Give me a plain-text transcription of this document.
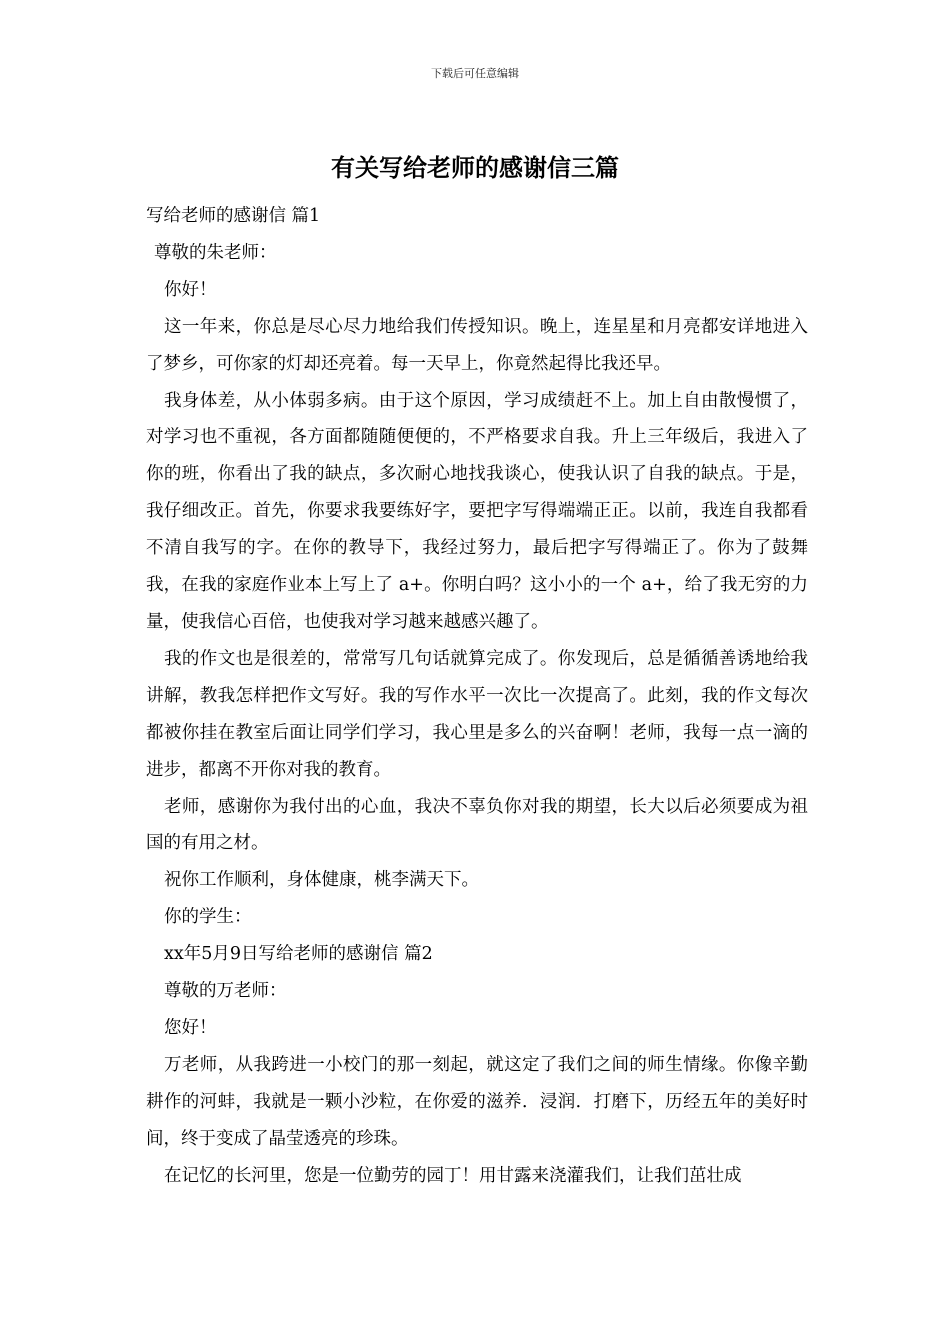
下载后可任意编辑
有关写给老师的感谢信三篇

写给老师的感谢信 篇1

尊敬的朱老师：

你好！

这一年来，你总是尽心尽力地给我们传授知识。晚上，连星星和月亮都安详地进入了梦乡，可你家的灯却还亮着。每一天早上，你竟然起得比我还早。

我身体差，从小体弱多病。由于这个原因，学习成绩赶不上。加上自由散慢惯了，对学习也不重视，各方面都随随便便的，不严格要求自我。升上三年级后，我进入了你的班，你看出了我的缺点，多次耐心地找我谈心，使我认识了自我的缺点。于是，我仔细改正。首先，你要求我要练好字，要把字写得端端正正。以前，我连自我都看不清自我写的字。在你的教导下，我经过努力，最后把字写得端正了。你为了鼓舞我，在我的家庭作业本上写上了 a+。你明白吗？这小小的一个 a+，给了我无穷的力量，使我信心百倍，也使我对学习越来越感兴趣了。

我的作文也是很差的，常常写几句话就算完成了。你发现后，总是循循善诱地给我讲解，教我怎样把作文写好。我的写作水平一次比一次提高了。此刻，我的作文每次都被你挂在教室后面让同学们学习，我心里是多么的兴奋啊！老师，我每一点一滴的进步，都离不开你对我的教育。

老师，感谢你为我付出的心血，我决不辜负你对我的期望，长大以后必须要成为祖国的有用之材。

祝你工作顺利，身体健康，桃李满天下。

你的学生：

xx年5月9日写给老师的感谢信 篇2

尊敬的万老师：

您好！

万老师，从我跨进一小校门的那一刻起，就这定了我们之间的师生情缘。你像辛勤耕作的河蚌，我就是一颗小沙粒，在你爱的滋养．浸润．打磨下，历经五年的美好时间，终于变成了晶莹透亮的珍珠。

在记忆的长河里，您是一位勤劳的园丁！用甘露来浇灌我们，让我们茁壮成
